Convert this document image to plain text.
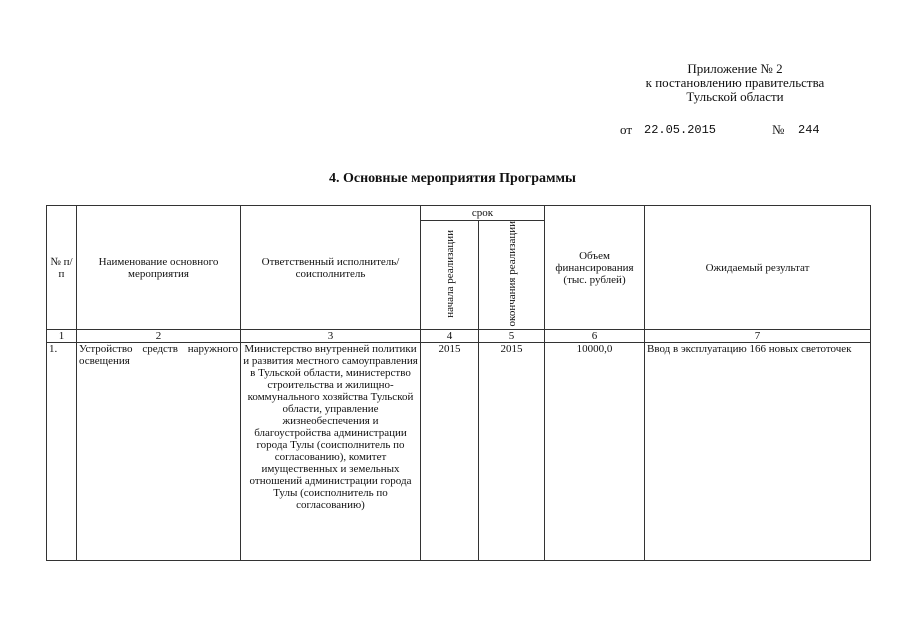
Приложение № 2
к постановлению правительства
Тульской области
от 22.05.2015	№ 244
4. Основные мероприятия Программы
№ п/п	Наименование основного мероприятия	Ответственный исполнитель/ соисполнитель	срок		Объем финансирования (тыс. рублей)	Ожидаемый результат
			начала реализации	окончания реализации		
1	2	3	4	5	6	7
1.	Устройство средств наружного освещения	Министерство внутренней политики и развития местного самоуправления в Тульской области, министерство строительства и жилищно-коммунального хозяйства Тульской области, управление жизнеобеспечения и благоустройства администрации города Тулы (соисполнитель по согласованию), комитет имущественных и земельных отношений администрации города Тулы (соисполнитель по согласованию)	2015	2015	10000,0	Ввод в эксплуатацию 166 новых светоточек
